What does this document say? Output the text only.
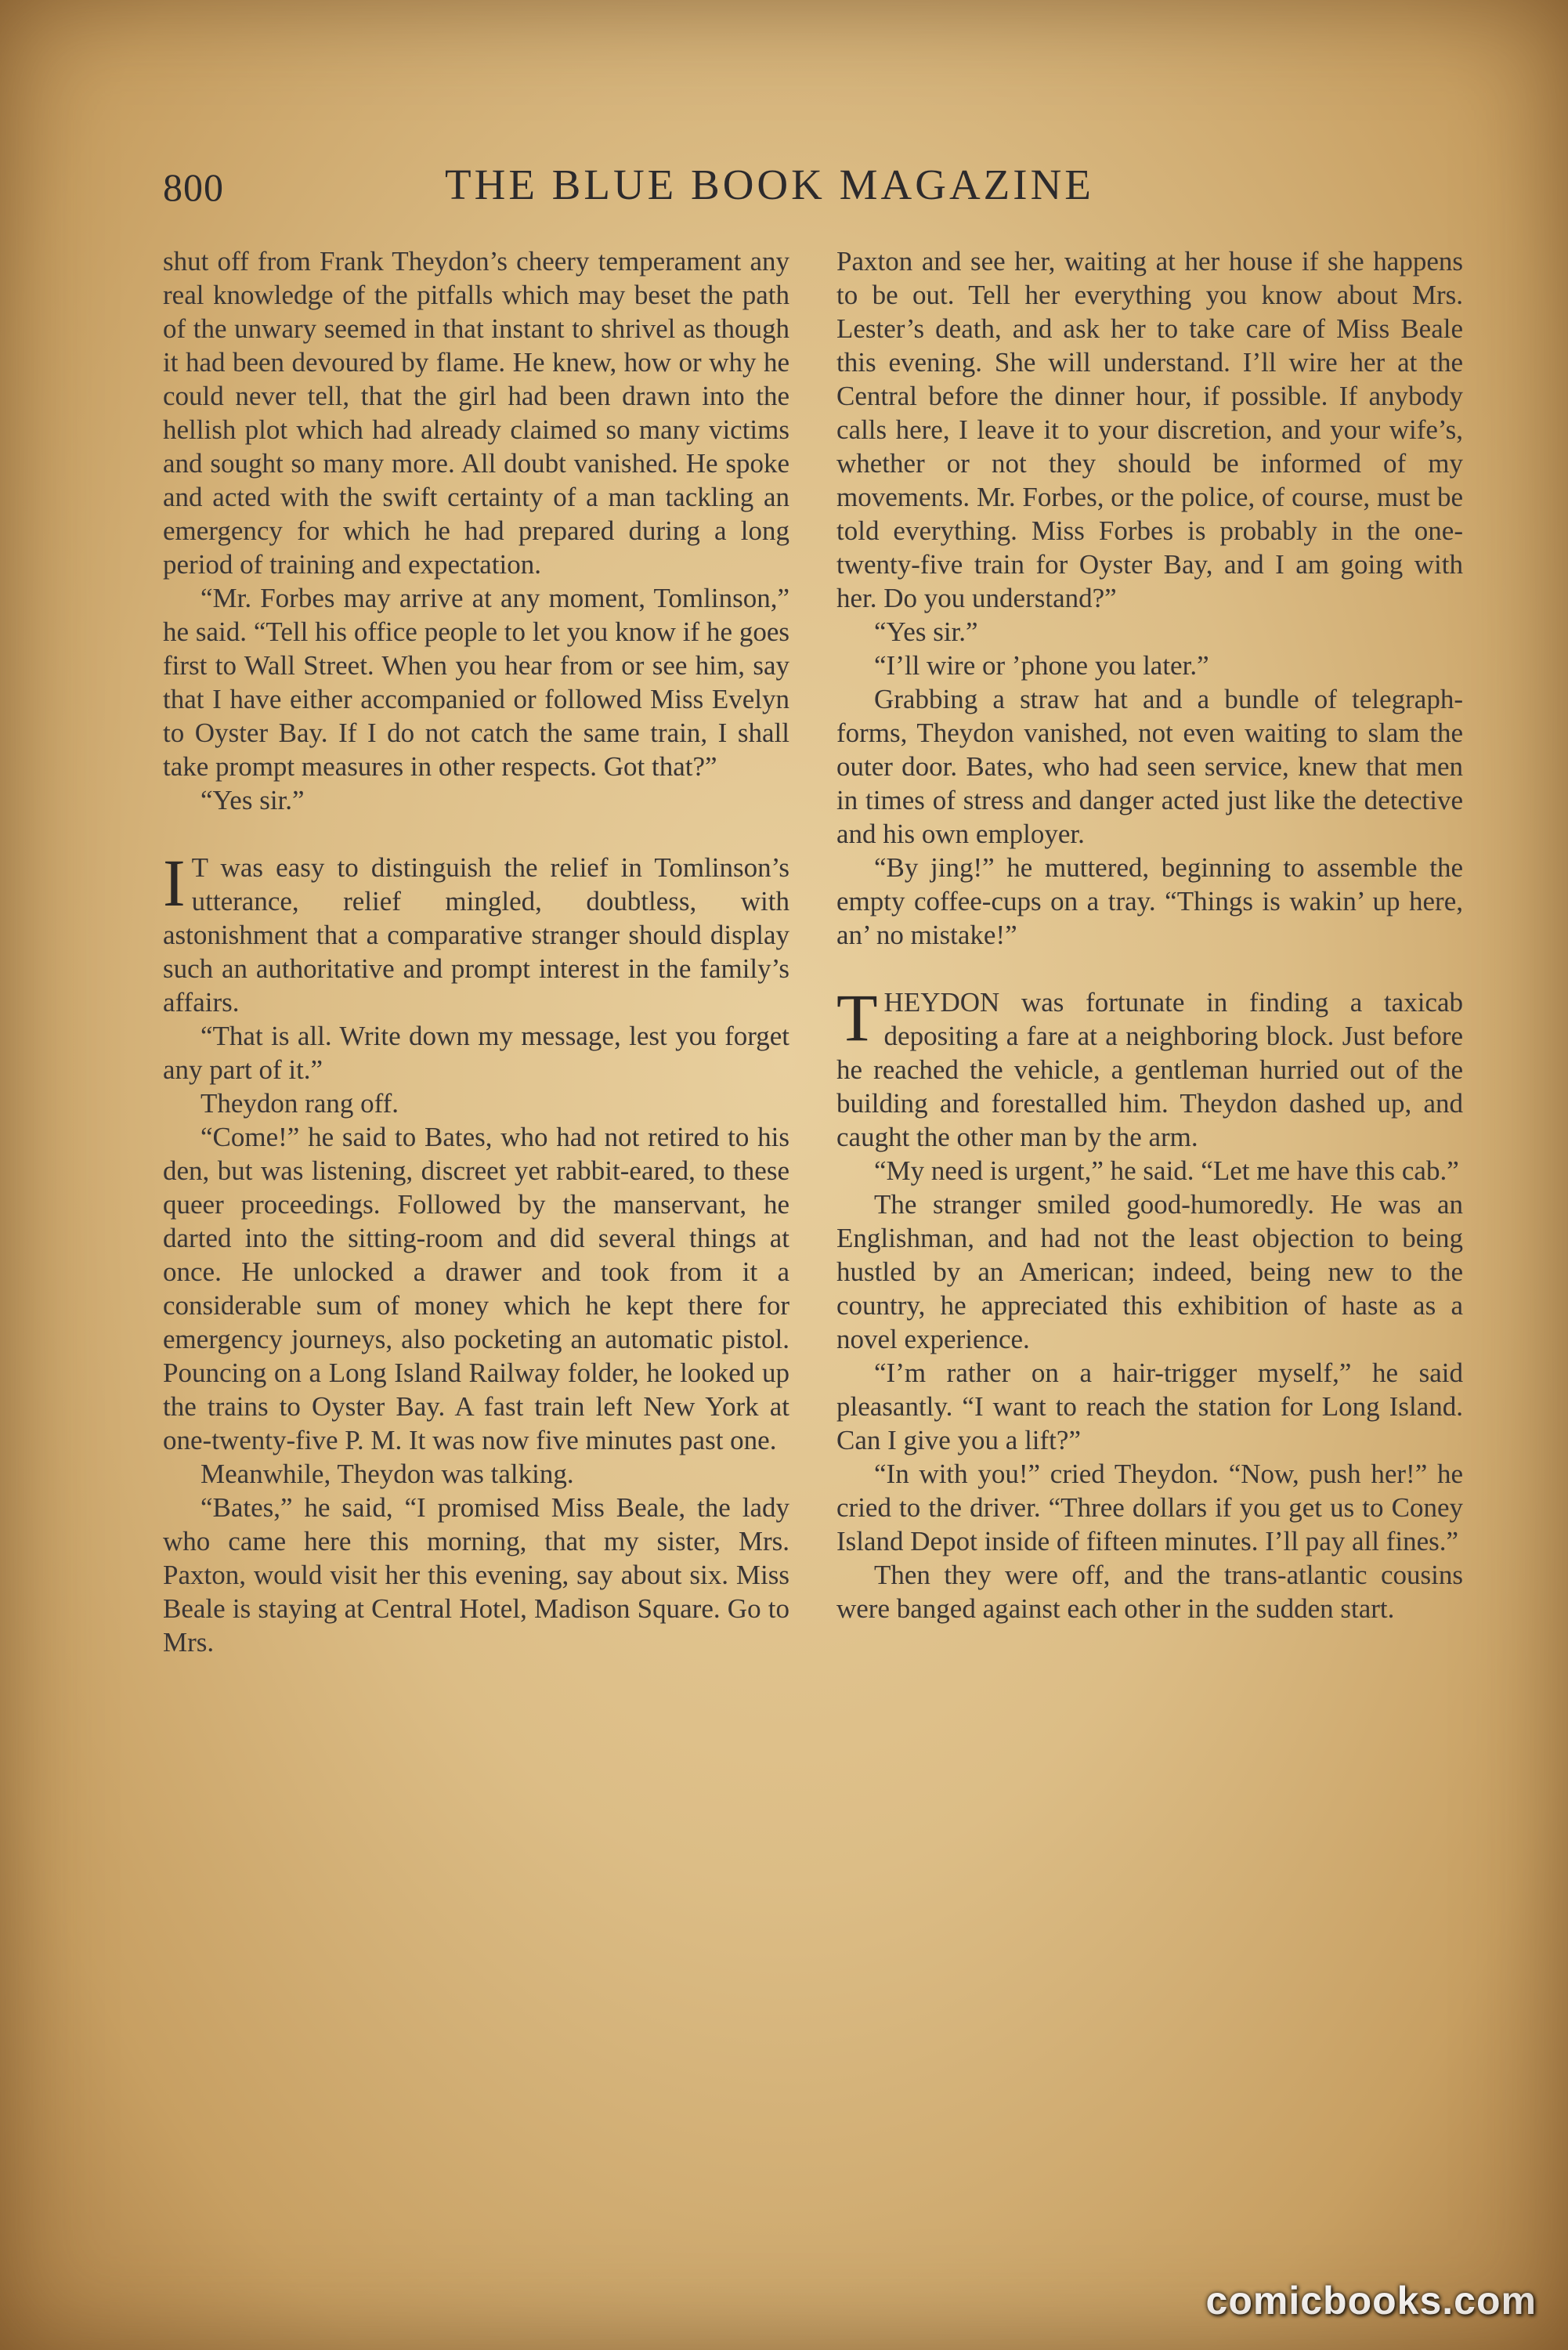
800	THE BLUE BOOK MAGAZINE

shut off from Frank Theydon’s cheery temperament any real knowledge of the pitfalls which may beset the path of the unwary seemed in that instant to shrivel as though it had been devoured by flame. He knew, how or why he could never tell, that the girl had been drawn into the hellish plot which had already claimed so many victims and sought so many more. All doubt vanished. He spoke and acted with the swift certainty of a man tackling an emergency for which he had prepared during a long period of training and expectation.

“Mr. Forbes may arrive at any moment, Tomlinson,” he said. “Tell his office people to let you know if he goes first to Wall Street. When you hear from or see him, say that I have either accompanied or followed Miss Evelyn to Oyster Bay. If I do not catch the same train, I shall take prompt measures in other respects. Got that?”

“Yes sir.”

I T was easy to distinguish the relief in Tomlinson’s utterance, relief mingled, doubtless, with astonishment that a comparative stranger should display such an authoritative and prompt interest in the family’s affairs.

“That is all. Write down my message, lest you forget any part of it.”

Theydon rang off.

“Come!” he said to Bates, who had not retired to his den, but was listening, discreet yet rabbit-eared, to these queer proceedings. Followed by the manservant, he darted into the sitting-room and did several things at once. He unlocked a drawer and took from it a considerable sum of money which he kept there for emergency journeys, also pocketing an automatic pistol. Pouncing on a Long Island Railway folder, he looked up the trains to Oyster Bay. A fast train left New York at one-twenty-five P. M. It was now five minutes past one.

Meanwhile, Theydon was talking.

“Bates,” he said, “I promised Miss Beale, the lady who came here this morning, that my sister, Mrs. Paxton, would visit her this evening, say about six. Miss Beale is staying at Central Hotel, Madison Square. Go to Mrs.

Paxton and see her, waiting at her house if she happens to be out. Tell her everything you know about Mrs. Lester’s death, and ask her to take care of Miss Beale this evening. She will understand. I’ll wire her at the Central before the dinner hour, if possible. If anybody calls here, I leave it to your discretion, and your wife’s, whether or not they should be informed of my movements. Mr. Forbes, or the police, of course, must be told everything. Miss Forbes is probably in the one-twenty-five train for Oyster Bay, and I am going with her. Do you understand?”

“Yes sir.”

“I’ll wire or ’phone you later.”

Grabbing a straw hat and a bundle of telegraph-forms, Theydon vanished, not even waiting to slam the outer door. Bates, who had seen service, knew that men in times of stress and danger acted just like the detective and his own employer.

“By jing!” he muttered, beginning to assemble the empty coffee-cups on a tray. “Things is wakin’ up here, an’ no mistake!”

THEYDON was fortunate in finding a taxicab depositing a fare at a neighboring block. Just before he reached the vehicle, a gentleman hurried out of the building and forestalled him. Theydon dashed up, and caught the other man by the arm.

“My need is urgent,” he said. “Let me have this cab.”

The stranger smiled good-humoredly. He was an Englishman, and had not the least objection to being hustled by an American; indeed, being new to the country, he appreciated this exhibition of haste as a novel experience.

“I’m rather on a hair-trigger myself,” he said pleasantly. “I want to reach the station for Long Island. Can I give you a lift?”

“In with you!” cried Theydon. “Now, push her!” he cried to the driver. “Three dollars if you get us to Coney Island Depot inside of fifteen minutes. I’ll pay all fines.”

Then they were off, and the trans-atlantic cousins were banged against each other in the sudden start.

comicbooks.com
